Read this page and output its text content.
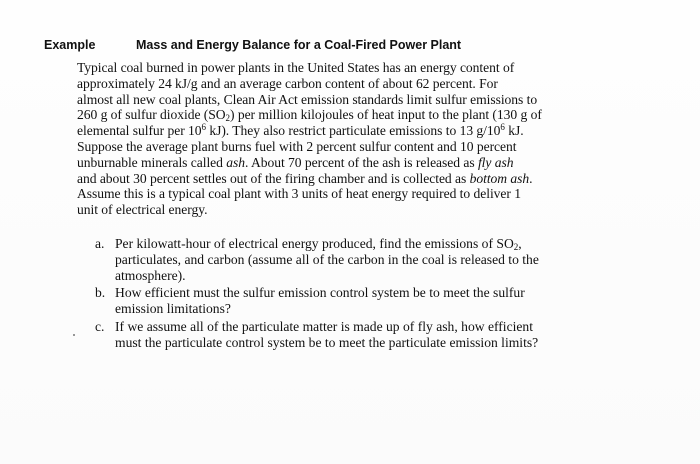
Example	Mass and Energy Balance for a Coal-Fired Power Plant
Typical coal burned in power plants in the United States has an energy content of
approximately 24 kJ/g and an average carbon content of about 62 percent. For
almost all new coal plants, Clean Air Act emission standards limit sulfur emissions to
260 g of sulfur dioxide $(SO_2)$ per million kilojoules of heat input to the plant (130 g of
elemental sulfur per $10^6$ kJ). They also restrict particulate emissions to 13 $g/10^6$ kJ.
Suppose the average plant burns fuel with 2 percent sulfur content and 10 percent
unburnable minerals called ash. About 70 percent of the ash is released as fly ash
and about 30 percent settles out of the firing chamber and is collected as bottom ash.
Assume this is a typical coal plant with 3 units of heat energy required to deliver 1
unit of electrical energy.
a. Per kilowatt-hour of electrical energy produced, find the emissions of $SO_2$,
particulates, and carbon (assume all of the carbon in the coal is released to the
atmosphere).
b. How efficient must the sulfur emission control system be to meet the sulfur
emission limitations?
c. If we assume all of the particulate matter is made up of fly ash, how efficient
must the particulate control system be to meet the particulate emission limits?
